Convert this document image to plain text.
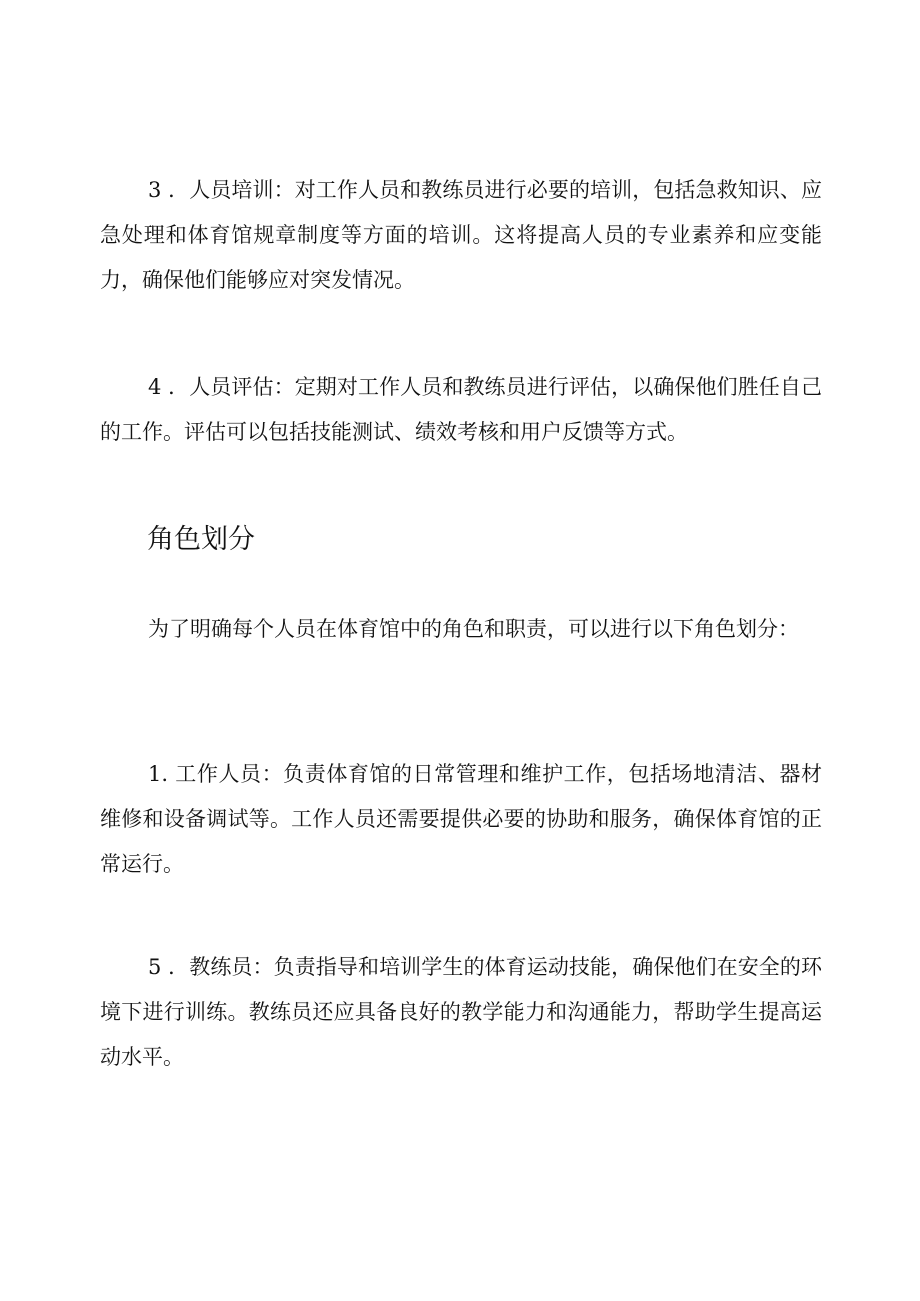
3 ．人员培训：对工作人员和教练员进行必要的培训，包括急救知识、应急处理和体育馆规章制度等方面的培训。这将提高人员的专业素养和应变能力，确保他们能够应对突发情况。

4 ．人员评估：定期对工作人员和教练员进行评估，以确保他们胜任自己的工作。评估可以包括技能测试、绩效考核和用户反馈等方式。

角色划分

为了明确每个人员在体育馆中的角色和职责，可以进行以下角色划分：

1. 工作人员：负责体育馆的日常管理和维护工作，包括场地清洁、器材维修和设备调试等。工作人员还需要提供必要的协助和服务，确保体育馆的正常运行。

5 ．教练员：负责指导和培训学生的体育运动技能，确保他们在安全的环境下进行训练。教练员还应具备良好的教学能力和沟通能力，帮助学生提高运动水平。
